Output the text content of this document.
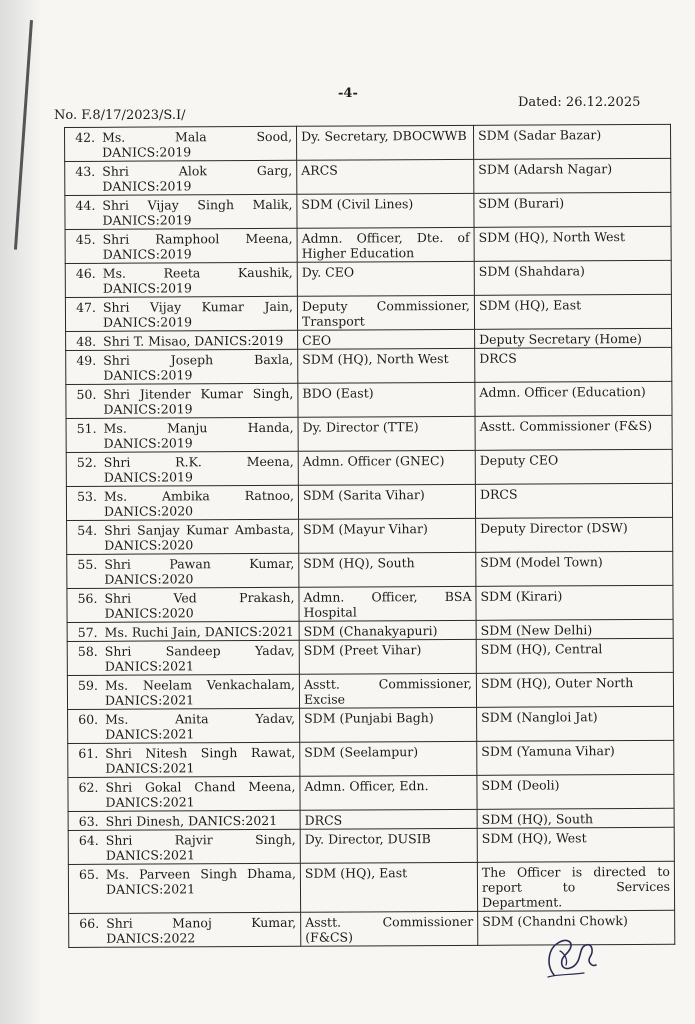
-4-
No. F.8/17/2023/S.I/
Dated: 26.12.2025
42.	Ms. Mala Sood, DANICS:2019	Dy. Secretary, DBOCWWB	SDM (Sadar Bazar)
43.	Shri Alok Garg, DANICS:2019	ARCS	SDM (Adarsh Nagar)
44.	Shri Vijay Singh Malik, DANICS:2019	SDM (Civil Lines)	SDM (Burari)
45.	Shri Ramphool Meena, DANICS:2019	Admn. Officer, Dte. of Higher Education	SDM (HQ), North West
46.	Ms. Reeta Kaushik, DANICS:2019	Dy. CEO	SDM (Shahdara)
47.	Shri Vijay Kumar Jain, DANICS:2019	Deputy Commissioner, Transport	SDM (HQ), East
48.	Shri T. Misao, DANICS:2019	CEO	Deputy Secretary (Home)
49.	Shri Joseph Baxla, DANICS:2019	SDM (HQ), North West	DRCS
50.	Shri Jitender Kumar Singh, DANICS:2019	BDO (East)	Admn. Officer (Education)
51.	Ms. Manju Handa, DANICS:2019	Dy. Director (TTE)	Asstt. Commissioner (F&S)
52.	Shri R.K. Meena, DANICS:2019	Admn. Officer (GNEC)	Deputy CEO
53.	Ms. Ambika Ratnoo, DANICS:2020	SDM (Sarita Vihar)	DRCS
54.	Shri Sanjay Kumar Ambasta, DANICS:2020	SDM (Mayur Vihar)	Deputy Director (DSW)
55.	Shri Pawan Kumar, DANICS:2020	SDM (HQ), South	SDM (Model Town)
56.	Shri Ved Prakash, DANICS:2020	Admn. Officer, BSA Hospital	SDM (Kirari)
57.	Ms. Ruchi Jain, DANICS:2021	SDM (Chanakyapuri)	SDM (New Delhi)
58.	Shri Sandeep Yadav, DANICS:2021	SDM (Preet Vihar)	SDM (HQ), Central
59.	Ms. Neelam Venkachalam, DANICS:2021	Asstt. Commissioner, Excise	SDM (HQ), Outer North
60.	Ms. Anita Yadav, DANICS:2021	SDM (Punjabi Bagh)	SDM (Nangloi Jat)
61.	Shri Nitesh Singh Rawat, DANICS:2021	SDM (Seelampur)	SDM (Yamuna Vihar)
62.	Shri Gokal Chand Meena, DANICS:2021	Admn. Officer, Edn.	SDM (Deoli)
63.	Shri Dinesh, DANICS:2021	DRCS	SDM (HQ), South
64.	Shri Rajvir Singh, DANICS:2021	Dy. Director, DUSIB	SDM (HQ), West
65.	Ms. Parveen Singh Dhama, DANICS:2021	SDM (HQ), East	The Officer is directed to report to Services Department.
66.	Shri Manoj Kumar, DANICS:2022	Asstt. Commissioner (F&CS)	SDM (Chandni Chowk)
